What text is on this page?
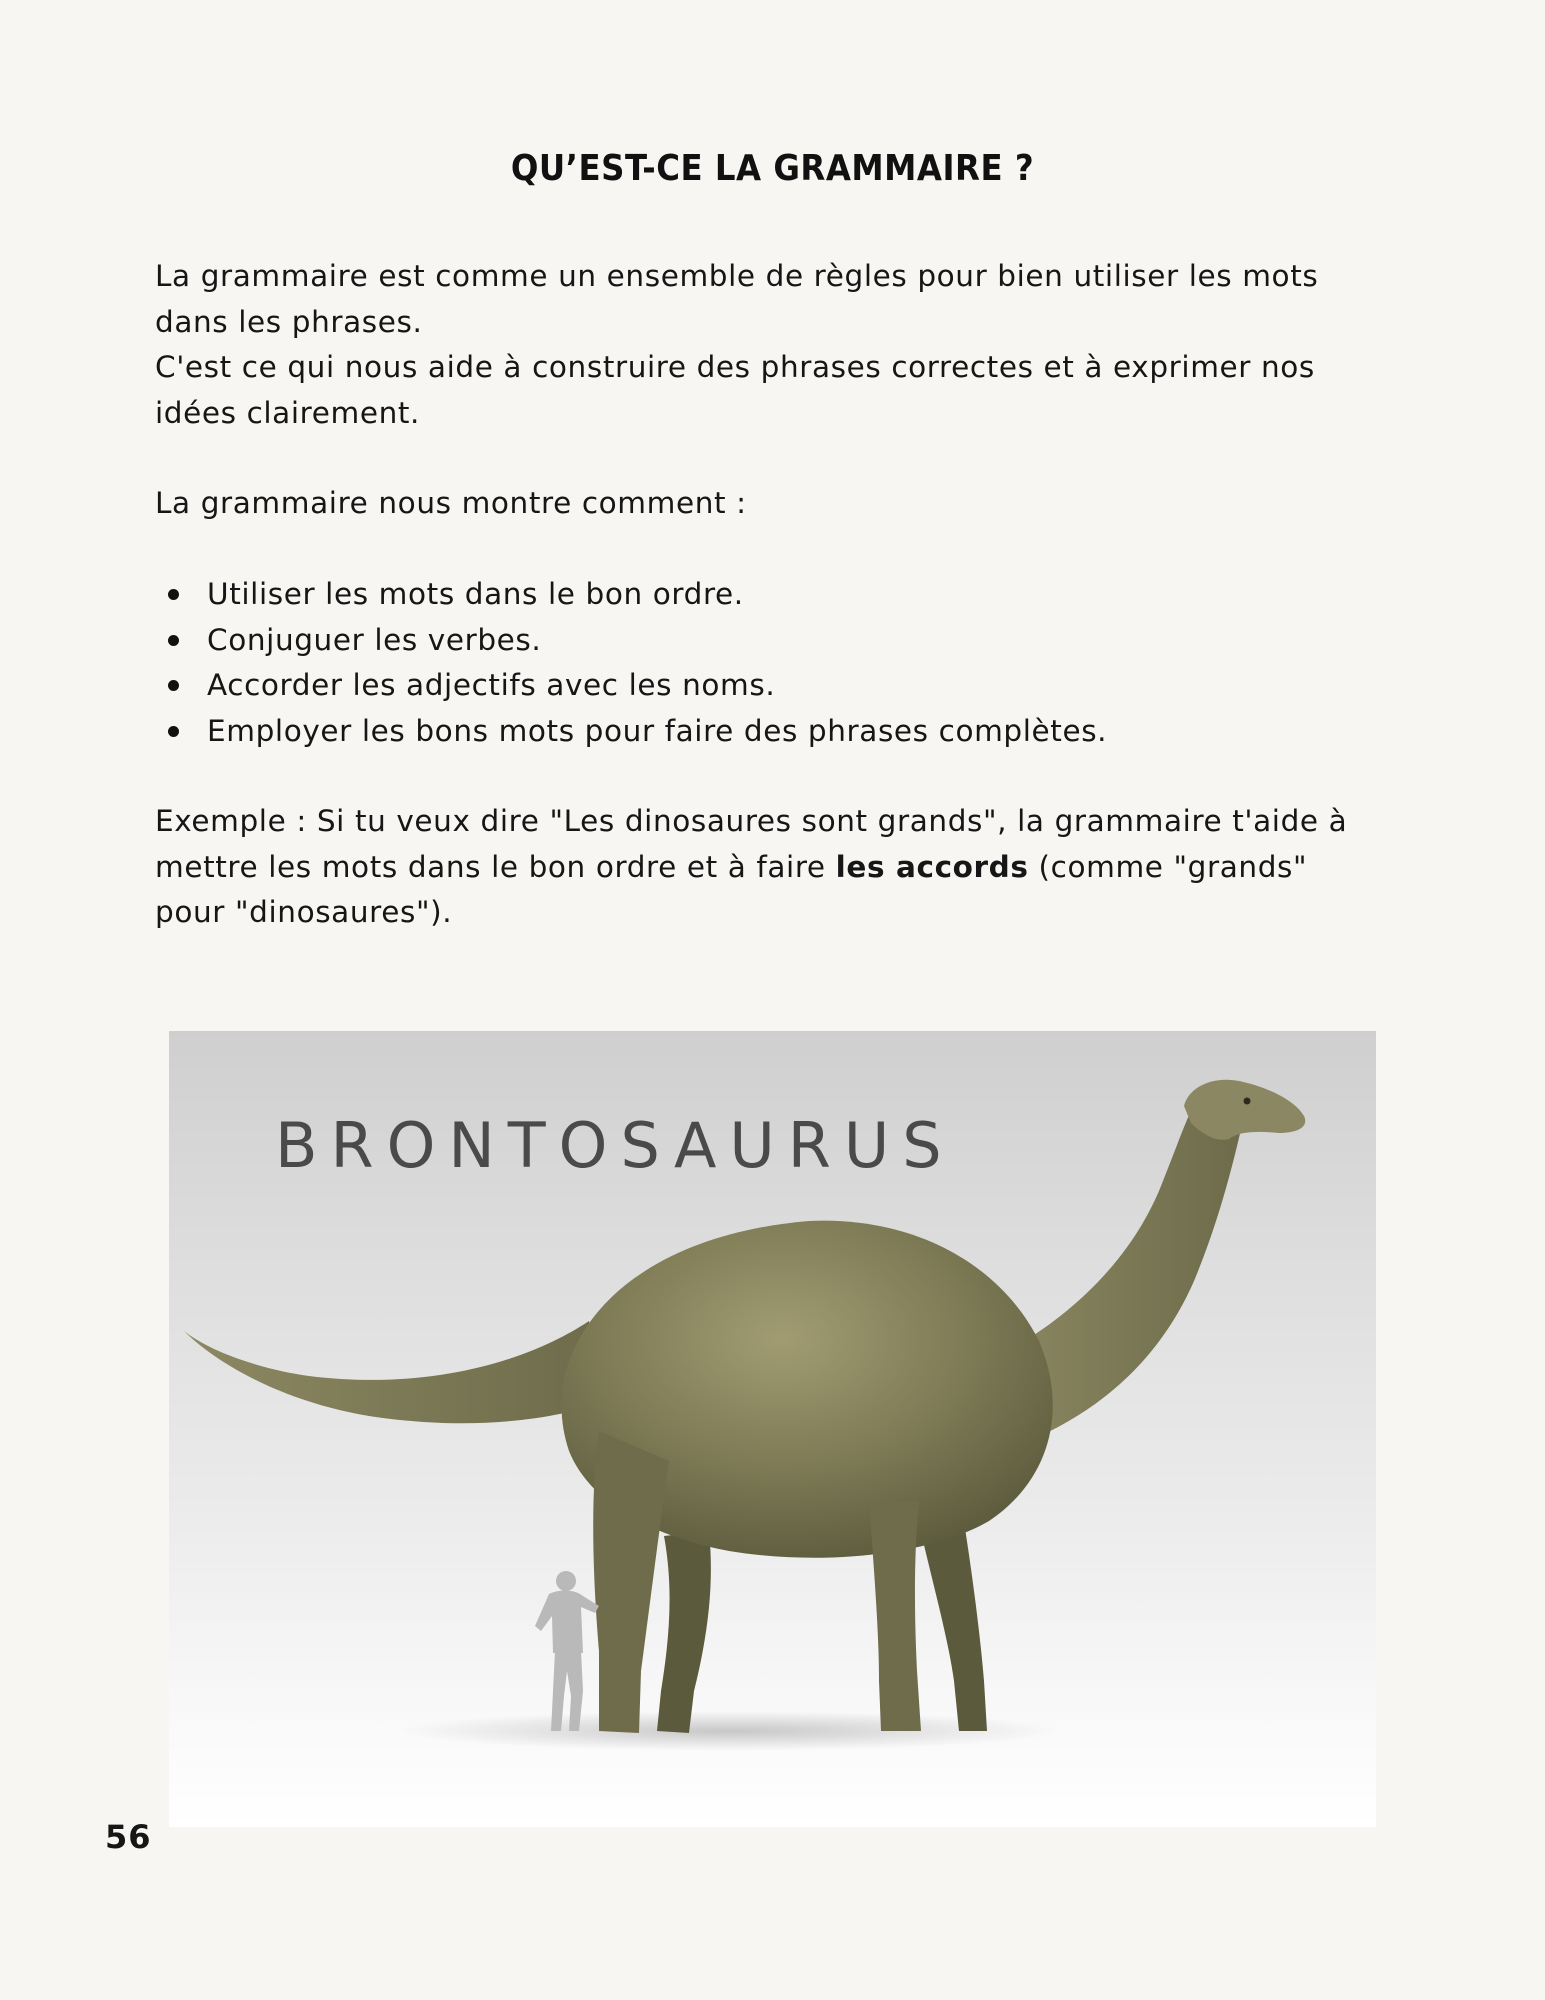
QU’EST-CE LA GRAMMAIRE ?
La grammaire est comme un ensemble de règles pour bien utiliser les mots dans les phrases.
C'est ce qui nous aide à construire des phrases correctes et à exprimer nos idées clairement.
La grammaire nous montre comment :
Utiliser les mots dans le bon ordre.
Conjuguer les verbes.
Accorder les adjectifs avec les noms.
Employer les bons mots pour faire des phrases complètes.

Exemple : Si tu veux dire "Les dinosaures sont grands", la grammaire t'aide à mettre les mots dans le bon ordre et à faire les accords (comme "grands" pour "dinosaures").

BRONTOSAURUS
56
